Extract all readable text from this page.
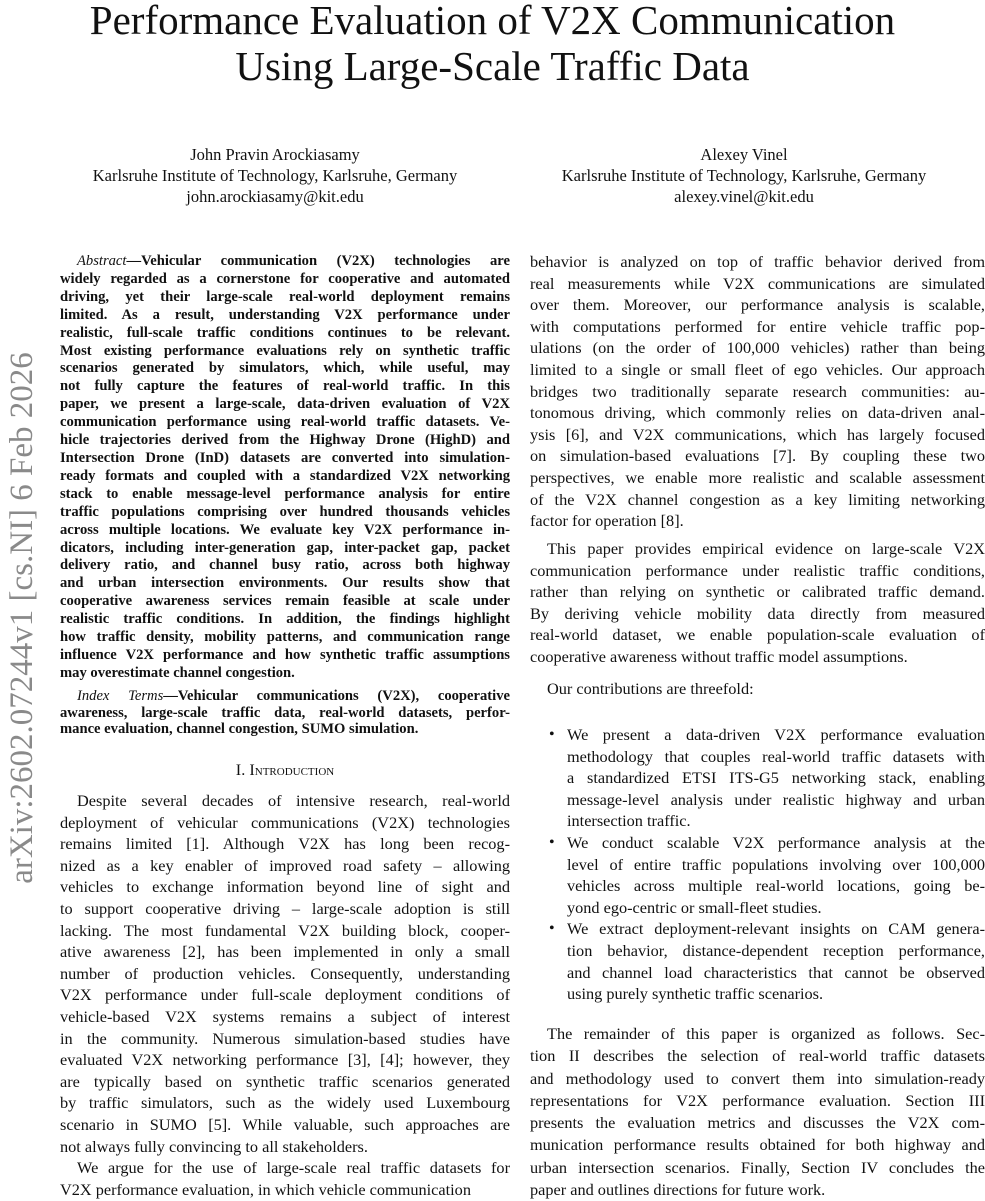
arXiv:2602.07244v1 [cs.NI] 6 Feb 2026
Performance Evaluation of V2X Communication
Using Large-Scale Traffic Data
John Pravin Arockiasamy
Karlsruhe Institute of Technology, Karlsruhe, Germany
john.arockiasamy@kit.edu
Alexey Vinel
Karlsruhe Institute of Technology, Karlsruhe, Germany
alexey.vinel@kit.edu
Abstract—Vehicular communication (V2X) technologies are
widely regarded as a cornerstone for cooperative and automated
driving, yet their large-scale real-world deployment remains
limited. As a result, understanding V2X performance under
realistic, full-scale traffic conditions continues to be relevant.
Most existing performance evaluations rely on synthetic traffic
scenarios generated by simulators, which, while useful, may
not fully capture the features of real-world traffic. In this
paper, we present a large-scale, data-driven evaluation of V2X
communication performance using real-world traffic datasets. Ve-
hicle trajectories derived from the Highway Drone (HighD) and
Intersection Drone (InD) datasets are converted into simulation-
ready formats and coupled with a standardized V2X networking
stack to enable message-level performance analysis for entire
traffic populations comprising over hundred thousands vehicles
across multiple locations. We evaluate key V2X performance in-
dicators, including inter-generation gap, inter-packet gap, packet
delivery ratio, and channel busy ratio, across both highway
and urban intersection environments. Our results show that
cooperative awareness services remain feasible at scale under
realistic traffic conditions. In addition, the findings highlight
how traffic density, mobility patterns, and communication range
influence V2X performance and how synthetic traffic assumptions
may overestimate channel congestion.
Index Terms—Vehicular communications (V2X), cooperative
awareness, large-scale traffic data, real-world datasets, perfor-
mance evaluation, channel congestion, SUMO simulation.
I. Introduction
Despite several decades of intensive research, real-world
deployment of vehicular communications (V2X) technologies
remains limited [1]. Although V2X has long been recog-
nized as a key enabler of improved road safety – allowing
vehicles to exchange information beyond line of sight and
to support cooperative driving – large-scale adoption is still
lacking. The most fundamental V2X building block, cooper-
ative awareness [2], has been implemented in only a small
number of production vehicles. Consequently, understanding
V2X performance under full-scale deployment conditions of
vehicle-based V2X systems remains a subject of interest
in the community. Numerous simulation-based studies have
evaluated V2X networking performance [3], [4]; however, they
are typically based on synthetic traffic scenarios generated
by traffic simulators, such as the widely used Luxembourg
scenario in SUMO [5]. While valuable, such approaches are
not always fully convincing to all stakeholders.
We argue for the use of large-scale real traffic datasets for
V2X performance evaluation, in which vehicle communication
behavior is analyzed on top of traffic behavior derived from
real measurements while V2X communications are simulated
over them. Moreover, our performance analysis is scalable,
with computations performed for entire vehicle traffic pop-
ulations (on the order of 100,000 vehicles) rather than being
limited to a single or small fleet of ego vehicles. Our approach
bridges two traditionally separate research communities: au-
tonomous driving, which commonly relies on data-driven anal-
ysis [6], and V2X communications, which has largely focused
on simulation-based evaluations [7]. By coupling these two
perspectives, we enable more realistic and scalable assessment
of the V2X channel congestion as a key limiting networking
factor for operation [8].
This paper provides empirical evidence on large-scale V2X
communication performance under realistic traffic conditions,
rather than relying on synthetic or calibrated traffic demand.
By deriving vehicle mobility data directly from measured
real-world dataset, we enable population-scale evaluation of
cooperative awareness without traffic model assumptions.
Our contributions are threefold:
• We present a data-driven V2X performance evaluation
methodology that couples real-world traffic datasets with
a standardized ETSI ITS-G5 networking stack, enabling
message-level analysis under realistic highway and urban
intersection traffic.
• We conduct scalable V2X performance analysis at the
level of entire traffic populations involving over 100,000
vehicles across multiple real-world locations, going be-
yond ego-centric or small-fleet studies.
• We extract deployment-relevant insights on CAM genera-
tion behavior, distance-dependent reception performance,
and channel load characteristics that cannot be observed
using purely synthetic traffic scenarios.
The remainder of this paper is organized as follows. Sec-
tion II describes the selection of real-world traffic datasets
and methodology used to convert them into simulation-ready
representations for V2X performance evaluation. Section III
presents the evaluation metrics and discusses the V2X com-
munication performance results obtained for both highway and
urban intersection scenarios. Finally, Section IV concludes the
paper and outlines directions for future work.
